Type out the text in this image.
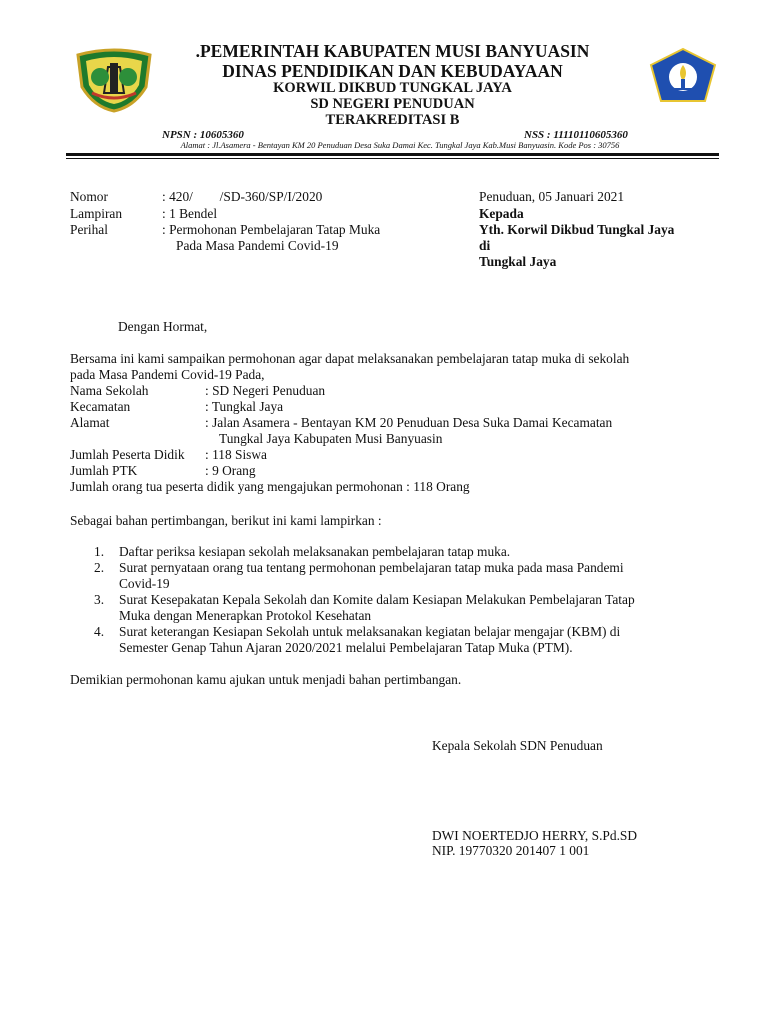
.PEMERINTAH KABUPATEN MUSI BANYUASIN
DINAS PENDIDIKAN DAN KEBUDAYAAN
KORWIL DIKBUD TUNGKAL JAYA
SD NEGERI PENUDUAN
TERAKREDITASI B
NPSN : 10605360	NSS : 11110110605360
Alamat : Jl.Asamera - Bentayan KM 20 Penuduan Desa Suka Damai Kec. Tungkal Jaya Kab.Musi Banyuasin. Kode Pos : 30756
Nomor	: 420/        /SD-360/SP/I/2020
Lampiran	: 1 Bendel
Perihal	: Permohonan Pembelajaran Tatap Muka
Pada Masa Pandemi Covid-19
Penuduan, 05 Januari 2021
Kepada
Yth. Korwil Dikbud Tungkal Jaya
di
Tungkal Jaya
Dengan Hormat,
Bersama ini kami sampaikan permohonan agar dapat melaksanakan pembelajaran tatap muka di sekolah
pada Masa Pandemi Covid-19 Pada,
Nama Sekolah	: SD Negeri Penuduan
Kecamatan	: Tungkal Jaya
Alamat	: Jalan Asamera - Bentayan KM 20 Penuduan Desa Suka Damai Kecamatan
Tungkal Jaya Kabupaten Musi Banyuasin
Jumlah Peserta Didik : 118 Siswa
Jumlah PTK	: 9 Orang
Jumlah orang tua peserta didik yang mengajukan permohonan : 118 Orang
Sebagai bahan pertimbangan, berikut ini kami lampirkan :
1. Daftar periksa kesiapan sekolah melaksanakan pembelajaran tatap muka.
2. Surat pernyataan orang tua tentang permohonan pembelajaran tatap muka pada masa Pandemi
Covid-19
3. Surat Kesepakatan Kepala Sekolah dan Komite dalam Kesiapan Melakukan Pembelajaran Tatap
Muka dengan Menerapkan Protokol Kesehatan
4. Surat keterangan Kesiapan Sekolah untuk melaksanakan kegiatan belajar mengajar (KBM) di
Semester Genap Tahun Ajaran 2020/2021 melalui Pembelajaran Tatap Muka (PTM).
Demikian permohonan kamu ajukan untuk menjadi bahan pertimbangan.
Kepala Sekolah SDN Penuduan
DWI NOERTEDJO HERRY, S.Pd.SD
NIP. 19770320 201407 1 001
